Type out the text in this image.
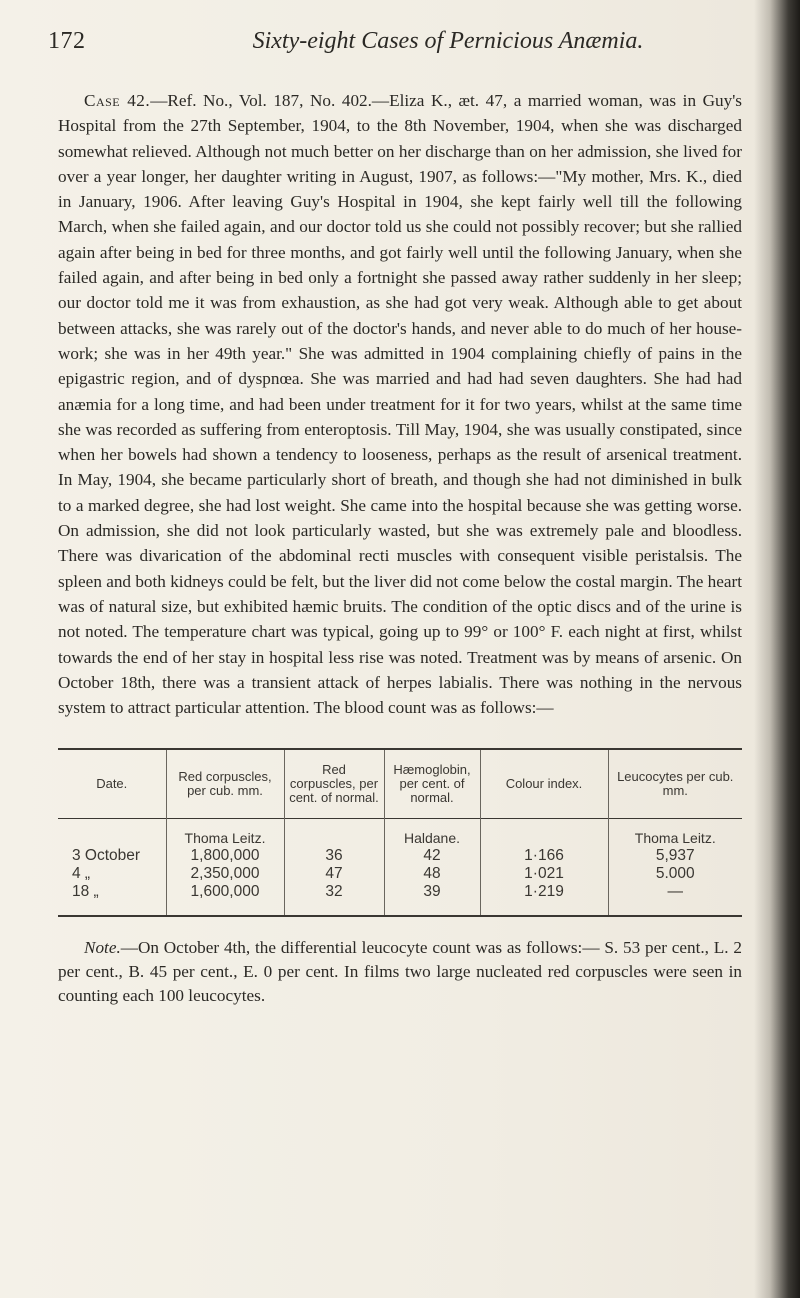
172	Sixty-eight Cases of Pernicious Anæmia.

Case 42.—Ref. No., Vol. 187, No. 402.—Eliza K., æt. 47, a married woman, was in Guy's Hospital from the 27th September, 1904, to the 8th November, 1904, when she was discharged somewhat relieved. Although not much better on her discharge than on her admission, she lived for over a year longer, her daughter writing in August, 1907, as follows:—"My mother, Mrs. K., died in January, 1906. After leaving Guy's Hospital in 1904, she kept fairly well till the following March, when she failed again, and our doctor told us she could not possibly recover; but she rallied again after being in bed for three months, and got fairly well until the following January, when she failed again, and after being in bed only a fortnight she passed away rather suddenly in her sleep; our doctor told me it was from exhaustion, as she had got very weak. Although able to get about between attacks, she was rarely out of the doctor's hands, and never able to do much of her house-work; she was in her 49th year." She was admitted in 1904 complaining chiefly of pains in the epigastric region, and of dyspnœa. She was married and had had seven daughters. She had had anæmia for a long time, and had been under treatment for it for two years, whilst at the same time she was recorded as suffering from enteroptosis. Till May, 1904, she was usually constipated, since when her bowels had shown a tendency to looseness, perhaps as the result of arsenical treatment. In May, 1904, she became particularly short of breath, and though she had not diminished in bulk to a marked degree, she had lost weight. She came into the hospital because she was getting worse. On admission, she did not look particularly wasted, but she was extremely pale and bloodless. There was divarication of the abdominal recti muscles with consequent visible peristalsis. The spleen and both kidneys could be felt, but the liver did not come below the costal margin. The heart was of natural size, but exhibited hæmic bruits. The condition of the optic discs and of the urine is not noted. The temperature chart was typical, going up to 99° or 100° F. each night at first, whilst towards the end of her stay in hospital less rise was noted. Treatment was by means of arsenic. On October 18th, there was a transient attack of herpes labialis. There was nothing in the nervous system to attract particular attention. The blood count was as follows:—

Date.	Red corpuscles, per cub. mm.	Red corpuscles, per cent. of normal.	Hæmoglobin, per cent. of normal.	Colour index.	Leucocytes per cub. mm.
	Thoma Leitz.		Haldane.		Thoma Leitz.
3 October	1,800,000	36	42	1·166	5,937
4 „	2,350,000	47	48	1·021	5.000
18 „	1,600,000	32	39	1·219	—

Note.—On October 4th, the differential leucocyte count was as follows:— S. 53 per cent., L. 2 per cent., B. 45 per cent., E. 0 per cent. In films two large nucleated red corpuscles were seen in counting each 100 leucocytes.
